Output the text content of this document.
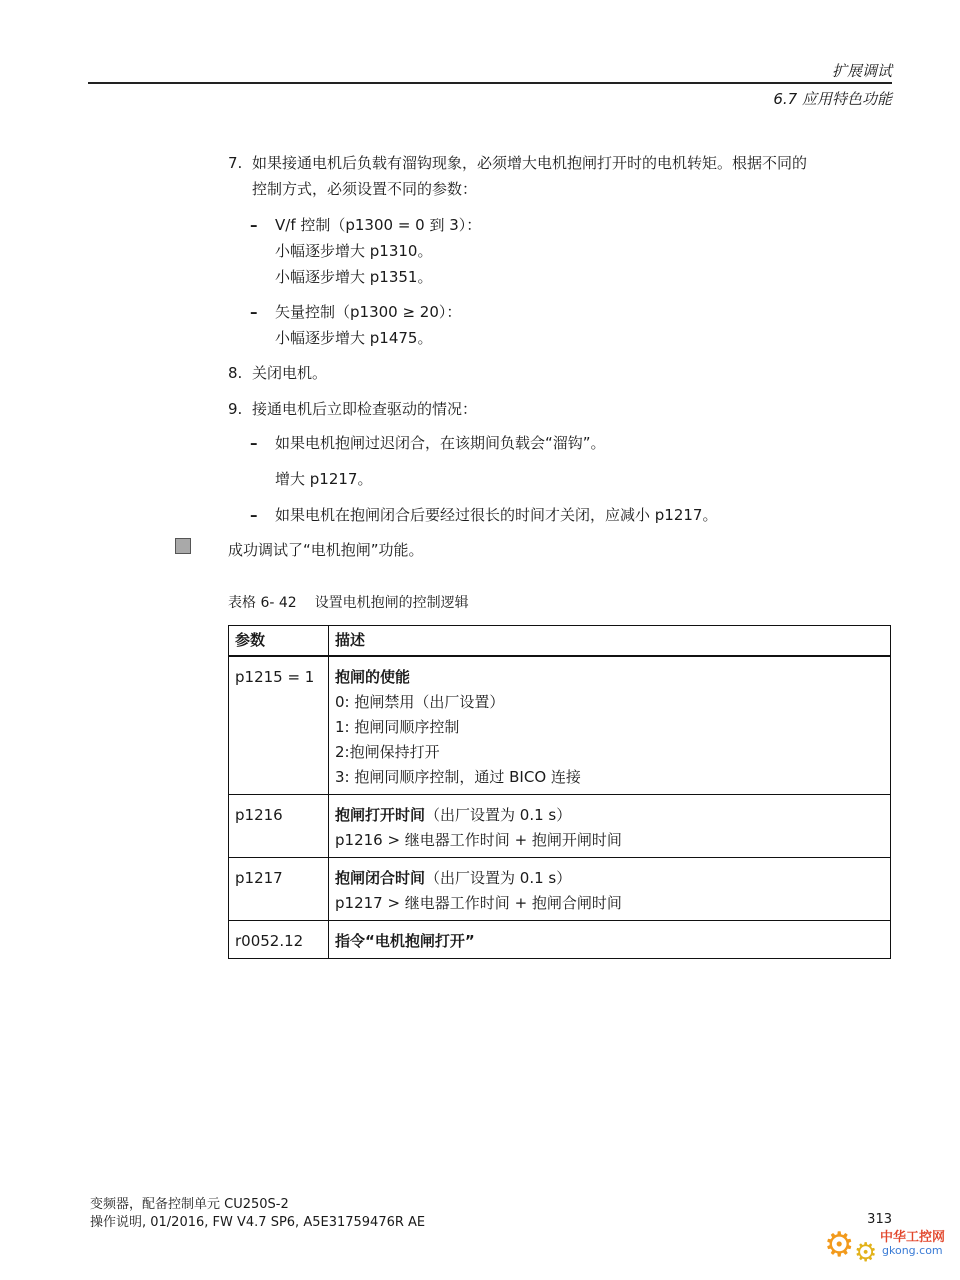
扩展调试
6.7 应用特色功能
7. 如果接通电机后负载有溜钩现象，必须增大电机抱闸打开时的电机转矩。根据不同的
控制方式，必须设置不同的参数：
– V/f 控制（p1300 = 0 到 3）：
小幅逐步增大 p1310。
小幅逐步增大 p1351。
– 矢量控制（p1300 ≥ 20）：
小幅逐步增大 p1475。
8. 关闭电机。
9. 接通电机后立即检查驱动的情况：
– 如果电机抱闸过迟闭合，在该期间负载会“溜钩”。
增大 p1217。
– 如果电机在抱闸闭合后要经过很长的时间才关闭，应减小 p1217。
成功调试了“电机抱闸”功能。
表格 6- 42 设置电机抱闸的控制逻辑
参数	描述
p1215 = 1	抱闸的使能
0: 抱闸禁用（出厂设置）
1: 抱闸同顺序控制
2:抱闸保持打开
3: 抱闸同顺序控制，通过 BICO 连接

p1216	抱闸打开时间（出厂设置为 0.1 s）
p1216 > 继电器工作时间 + 抱闸开闸时间

p1217	抱闸闭合时间（出厂设置为 0.1 s）
p1217 > 继电器工作时间 + 抱闸合闸时间

r0052.12	指令“电机抱闸打开”
变频器，配备控制单元 CU250S-2
操作说明, 01/2016, FW V4.7 SP6, A5E31759476R AE	313
⚙ ⚙
中华工控网
gkong.com
